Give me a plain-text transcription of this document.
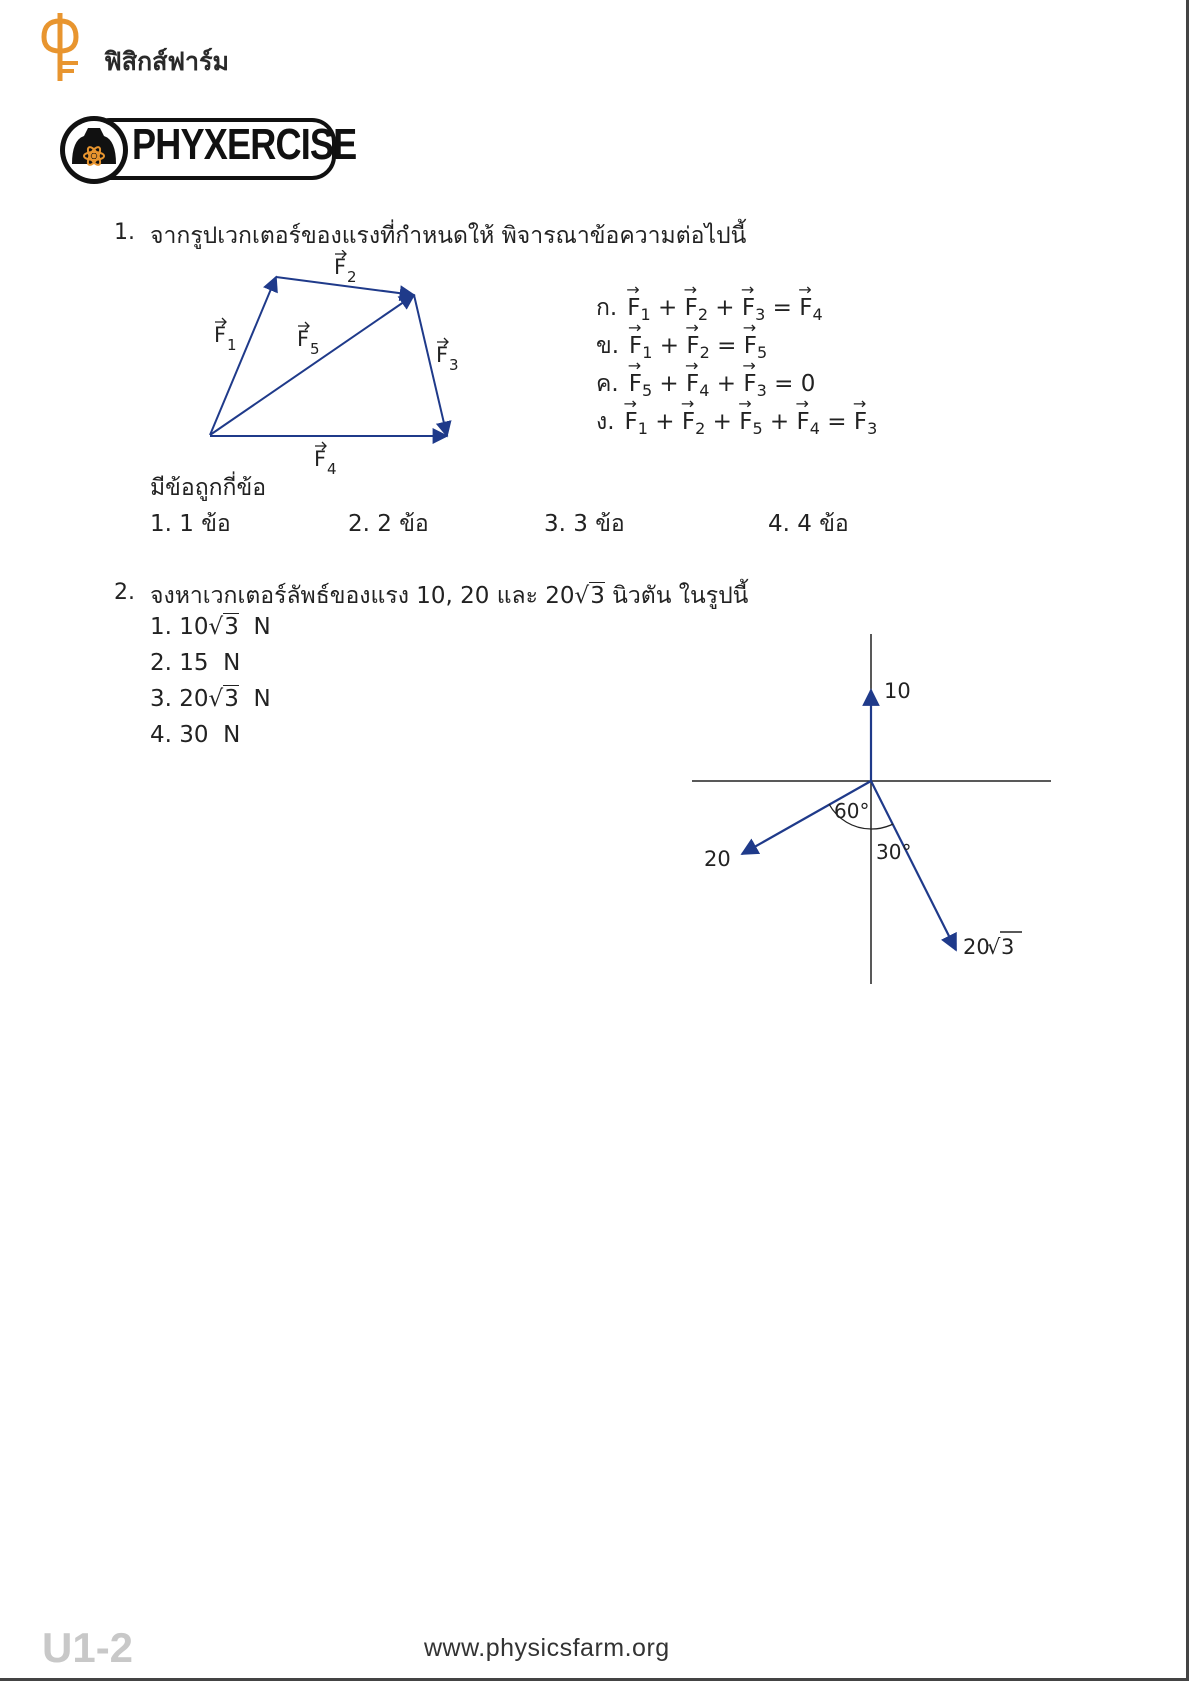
ฟิสิกส์ฟาร์ม
PHYXERCISE
1. จากรูปเวกเตอร์ของแรงที่กำหนดให้ พิจารณาข้อความต่อไปนี้
F 1
F 2
F 3
F 4
F 5
ก. → $F_1$ + → $F_2$ + → $F_3$ = → $F_4$
ข. → $F_1$ + → $F_2$ = → $F_5$
ค. → $F_5$ + → $F_4$ + → $F_3 = 0$
ง. → $F_1$ + → $F_2$ + → $F_5$ + → $F_4$ = → $F_3$
มีข้อถูกกี่ข้อ
1. 1 ข้อ	2. 2 ข้อ	3. 3 ข้อ	4. 4 ข้อ
2. จงหาเวกเตอร์ลัพธ์ของแรง 10, 20 และ 20√3 นิวตัน ในรูปนี้
1. 10√3 N
2. 15 N
3. 20√3 N
4. 30 N
10
20
60°
30°
20
√ 3
U1-2	www.physicsfarm.org
